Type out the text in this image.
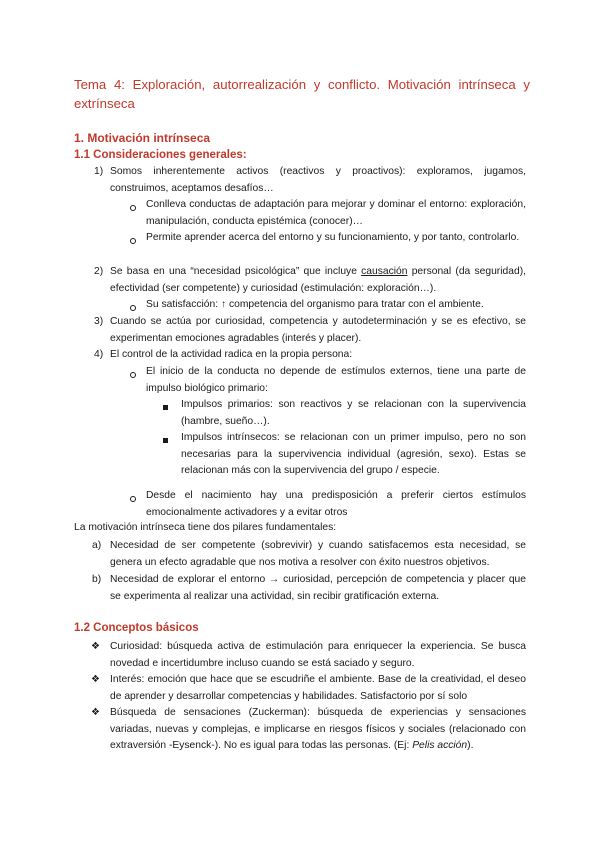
Tema 4: Exploración, autorrealización y conflicto. Motivación intrínseca y extrínseca
1. Motivación intrínseca
1.1 Consideraciones generales:
1) Somos inherentemente activos (reactivos y proactivos): exploramos, jugamos, construimos, aceptamos desafíos…

Conlleva conductas de adaptación para mejorar y dominar el entorno: exploración, manipulación, conducta epistémica (conocer)…

Permite aprender acerca del entorno y su funcionamiento, y por tanto, controlarlo.

2) Se basa en una “necesidad psicológica” que incluye causación personal (da seguridad), efectividad (ser competente) y curiosidad (estimulación: exploración…).

Su satisfacción: ↑ competencia del organismo para tratar con el ambiente.

3) Cuando se actúa por curiosidad, competencia y autodeterminación y se es efectivo, se experimentan emociones agradables (interés y placer).

4) El control de la actividad radica en la propia persona:

El inicio de la conducta no depende de estímulos externos, tiene una parte de impulso biológico primario:

Impulsos primarios: son reactivos y se relacionan con la supervivencia (hambre, sueño…).

Impulsos intrínsecos: se relacionan con un primer impulso, pero no son necesarias para la supervivencia individual (agresión, sexo). Estas se relacionan más con la supervivencia del grupo / especie.

Desde el nacimiento hay una predisposición a preferir ciertos estímulos emocionalmente activadores y a evitar otros

La motivación intrínseca tiene dos pilares fundamentales:

a) Necesidad de ser competente (sobrevivir) y cuando satisfacemos esta necesidad, se genera un efecto agradable que nos motiva a resolver con éxito nuestros objetivos.

b) Necesidad de explorar el entorno → curiosidad, percepción de competencia y placer que se experimenta al realizar una actividad, sin recibir gratificación externa.

1.2 Conceptos básicos
❖ Curiosidad: búsqueda activa de estimulación para enriquecer la experiencia. Se busca novedad e incertidumbre incluso cuando se está saciado y seguro.

❖ Interés: emoción que hace que se escudriñe el ambiente. Base de la creatividad, el deseo de aprender y desarrollar competencias y habilidades. Satisfactorio por sí solo

❖ Búsqueda de sensaciones (Zuckerman): búsqueda de experiencias y sensaciones variadas, nuevas y complejas, e implicarse en riesgos físicos y sociales (relacionado con extraversión -Eysenck-). No es igual para todas las personas. (Ej: Pelis acción).
